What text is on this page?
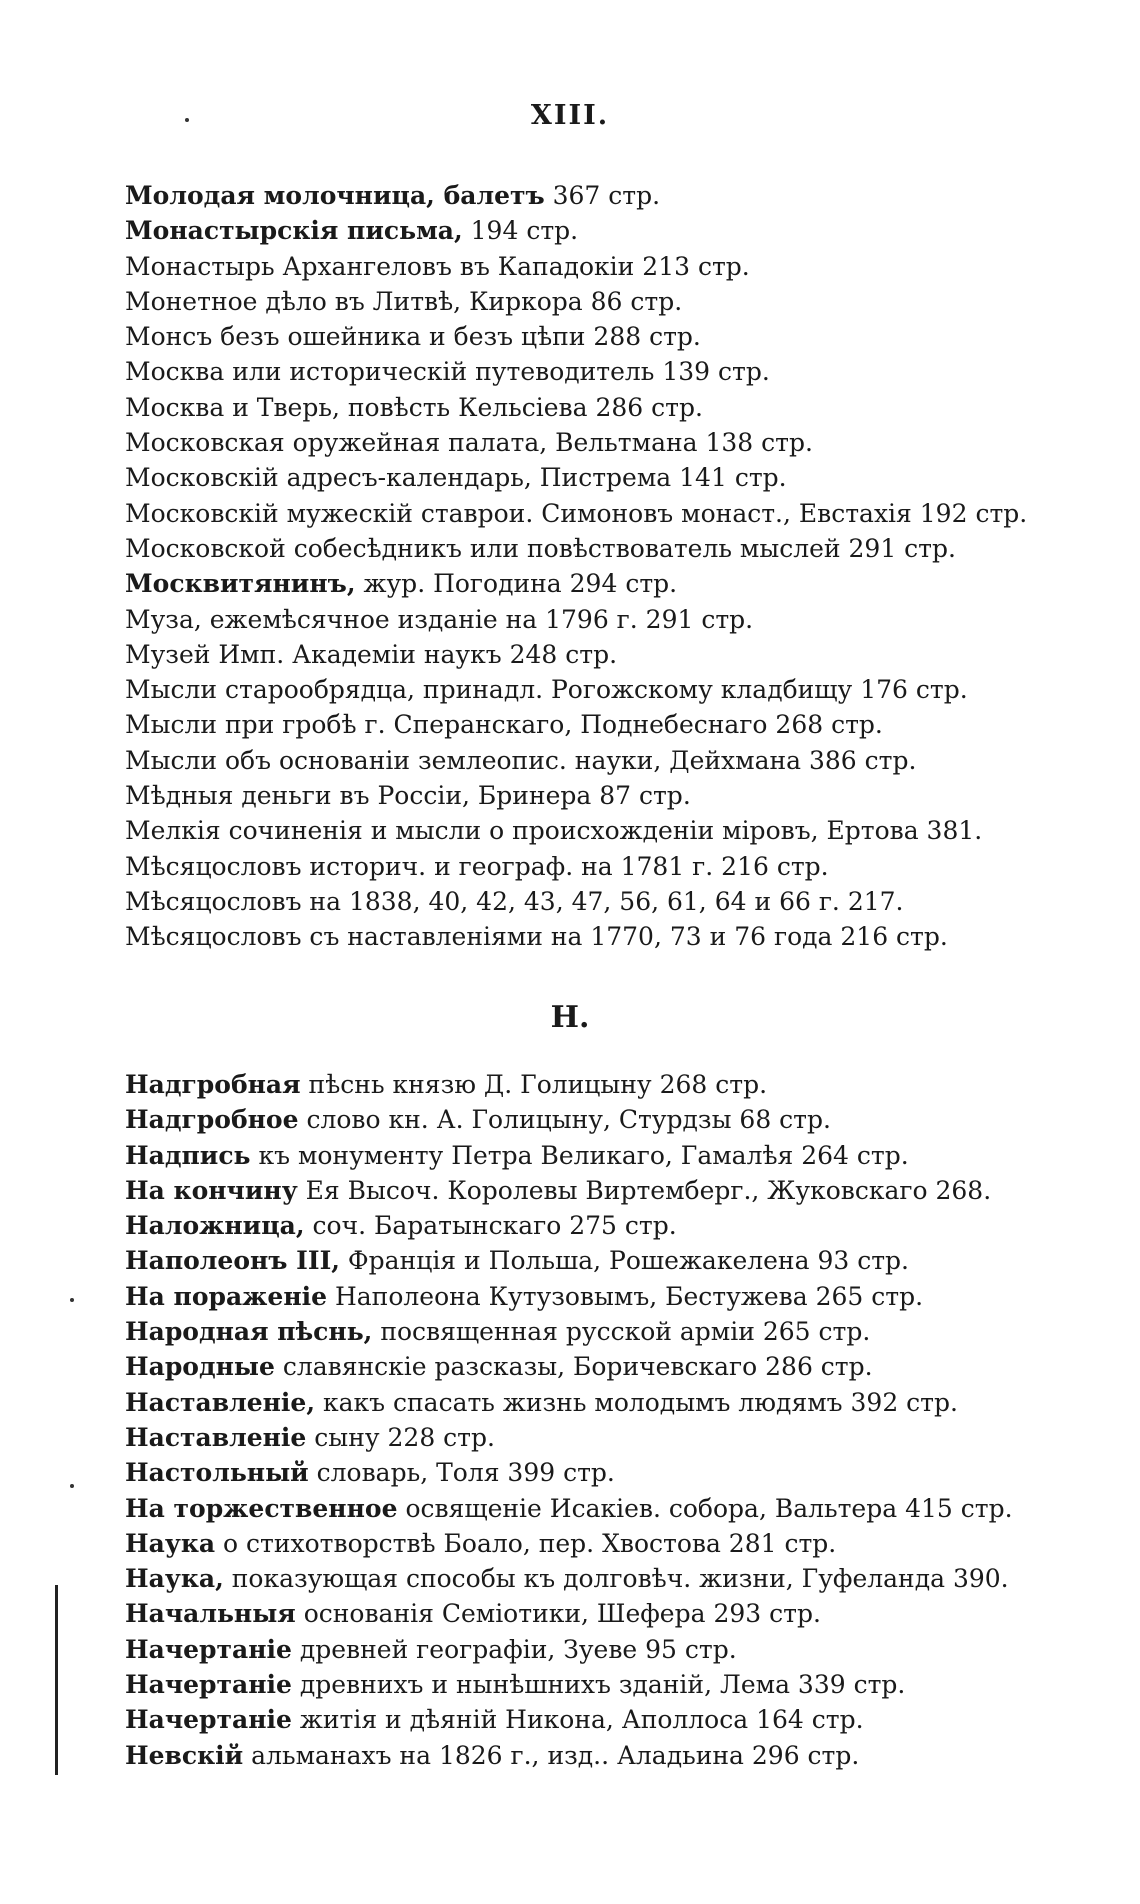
XIII.
Молодая молочница, балетъ 367 стр.
Монастырскія письма, 194 стр.
Монастырь Архангеловъ въ Кападокіи 213 стр.
Монетное дѣло въ Литвѣ, Киркора 86 стр.
Монсъ безъ ошейника и безъ цѣпи 288 стр.
Москва или историческій путеводитель 139 стр.
Москва и Тверь, повѣсть Кельсіева 286 стр.
Московская оружейная палата, Вельтмана 138 стр.
Московскій адресъ-календарь, Пистрема 141 стр.
Московскій мужескій ставрои. Симоновъ монаст., Евстахія 192 стр.
Московской собесѣдникъ или повѣствователь мыслей 291 стр.
Москвитянинъ, жур. Погодина 294 стр.
Муза, ежемѣсячное изданіе на 1796 г. 291 стр.
Музей Имп. Академіи наукъ 248 стр.
Мысли старообрядца, принадл. Рогожскому кладбищу 176 стр.
Мысли при гробѣ г. Сперанскаго, Поднебеснаго 268 стр.
Мысли объ основаніи землеопис. науки, Дейхмана 386 стр.
Мѣдныя деньги въ Россіи, Бринера 87 стр.
Мелкія сочиненія и мысли о происхожденіи міровъ, Ертова 381.
Мѣсяцословъ историч. и географ. на 1781 г. 216 стр.
Мѣсяцословъ на 1838, 40, 42, 43, 47, 56, 61, 64 и 66 г. 217.
Мѣсяцословъ съ наставленіями на 1770, 73 и 76 года 216 стр.
Н.
Надгробная пѣснь князю Д. Голицыну 268 стр.
Надгробное слово кн. А. Голицыну, Стурдзы 68 стр.
Надпись къ монументу Петра Великаго, Гамалѣя 264 стр.
На кончину Ея Высоч. Королевы Виртемберг., Жуковскаго 268.
Наложница, соч. Баратынскаго 275 стр.
Наполеонъ III, Франція и Польша, Рошежакелена 93 стр.
На пораженіе Наполеона Кутузовымъ, Бестужева 265 стр.
Народная пѣснь, посвященная русской арміи 265 стр.
Народные славянскіе разсказы, Боричевскаго 286 стр.
Наставленіе, какъ спасать жизнь молодымъ людямъ 392 стр.
Наставленіе сыну 228 стр.
Настольный словарь, Толя 399 стр.
На торжественное освященіе Исакіев. собора, Вальтера 415 стр.
Наука о стихотворствѣ Боало, пер. Хвостова 281 стр.
Наука, показующая способы къ долговѣч. жизни, Гуфеланда 390.
Начальныя основанія Семіотики, Шефера 293 стр.
Начертаніе древней географіи, Зуеве 95 стр.
Начертаніе древнихъ и нынѣшнихъ зданій, Лема 339 стр.
Начертаніе житія и дѣяній Никона, Аполлоса 164 стр.
Невскій альманахъ на 1826 г., изд.. Аладьина 296 стр.
